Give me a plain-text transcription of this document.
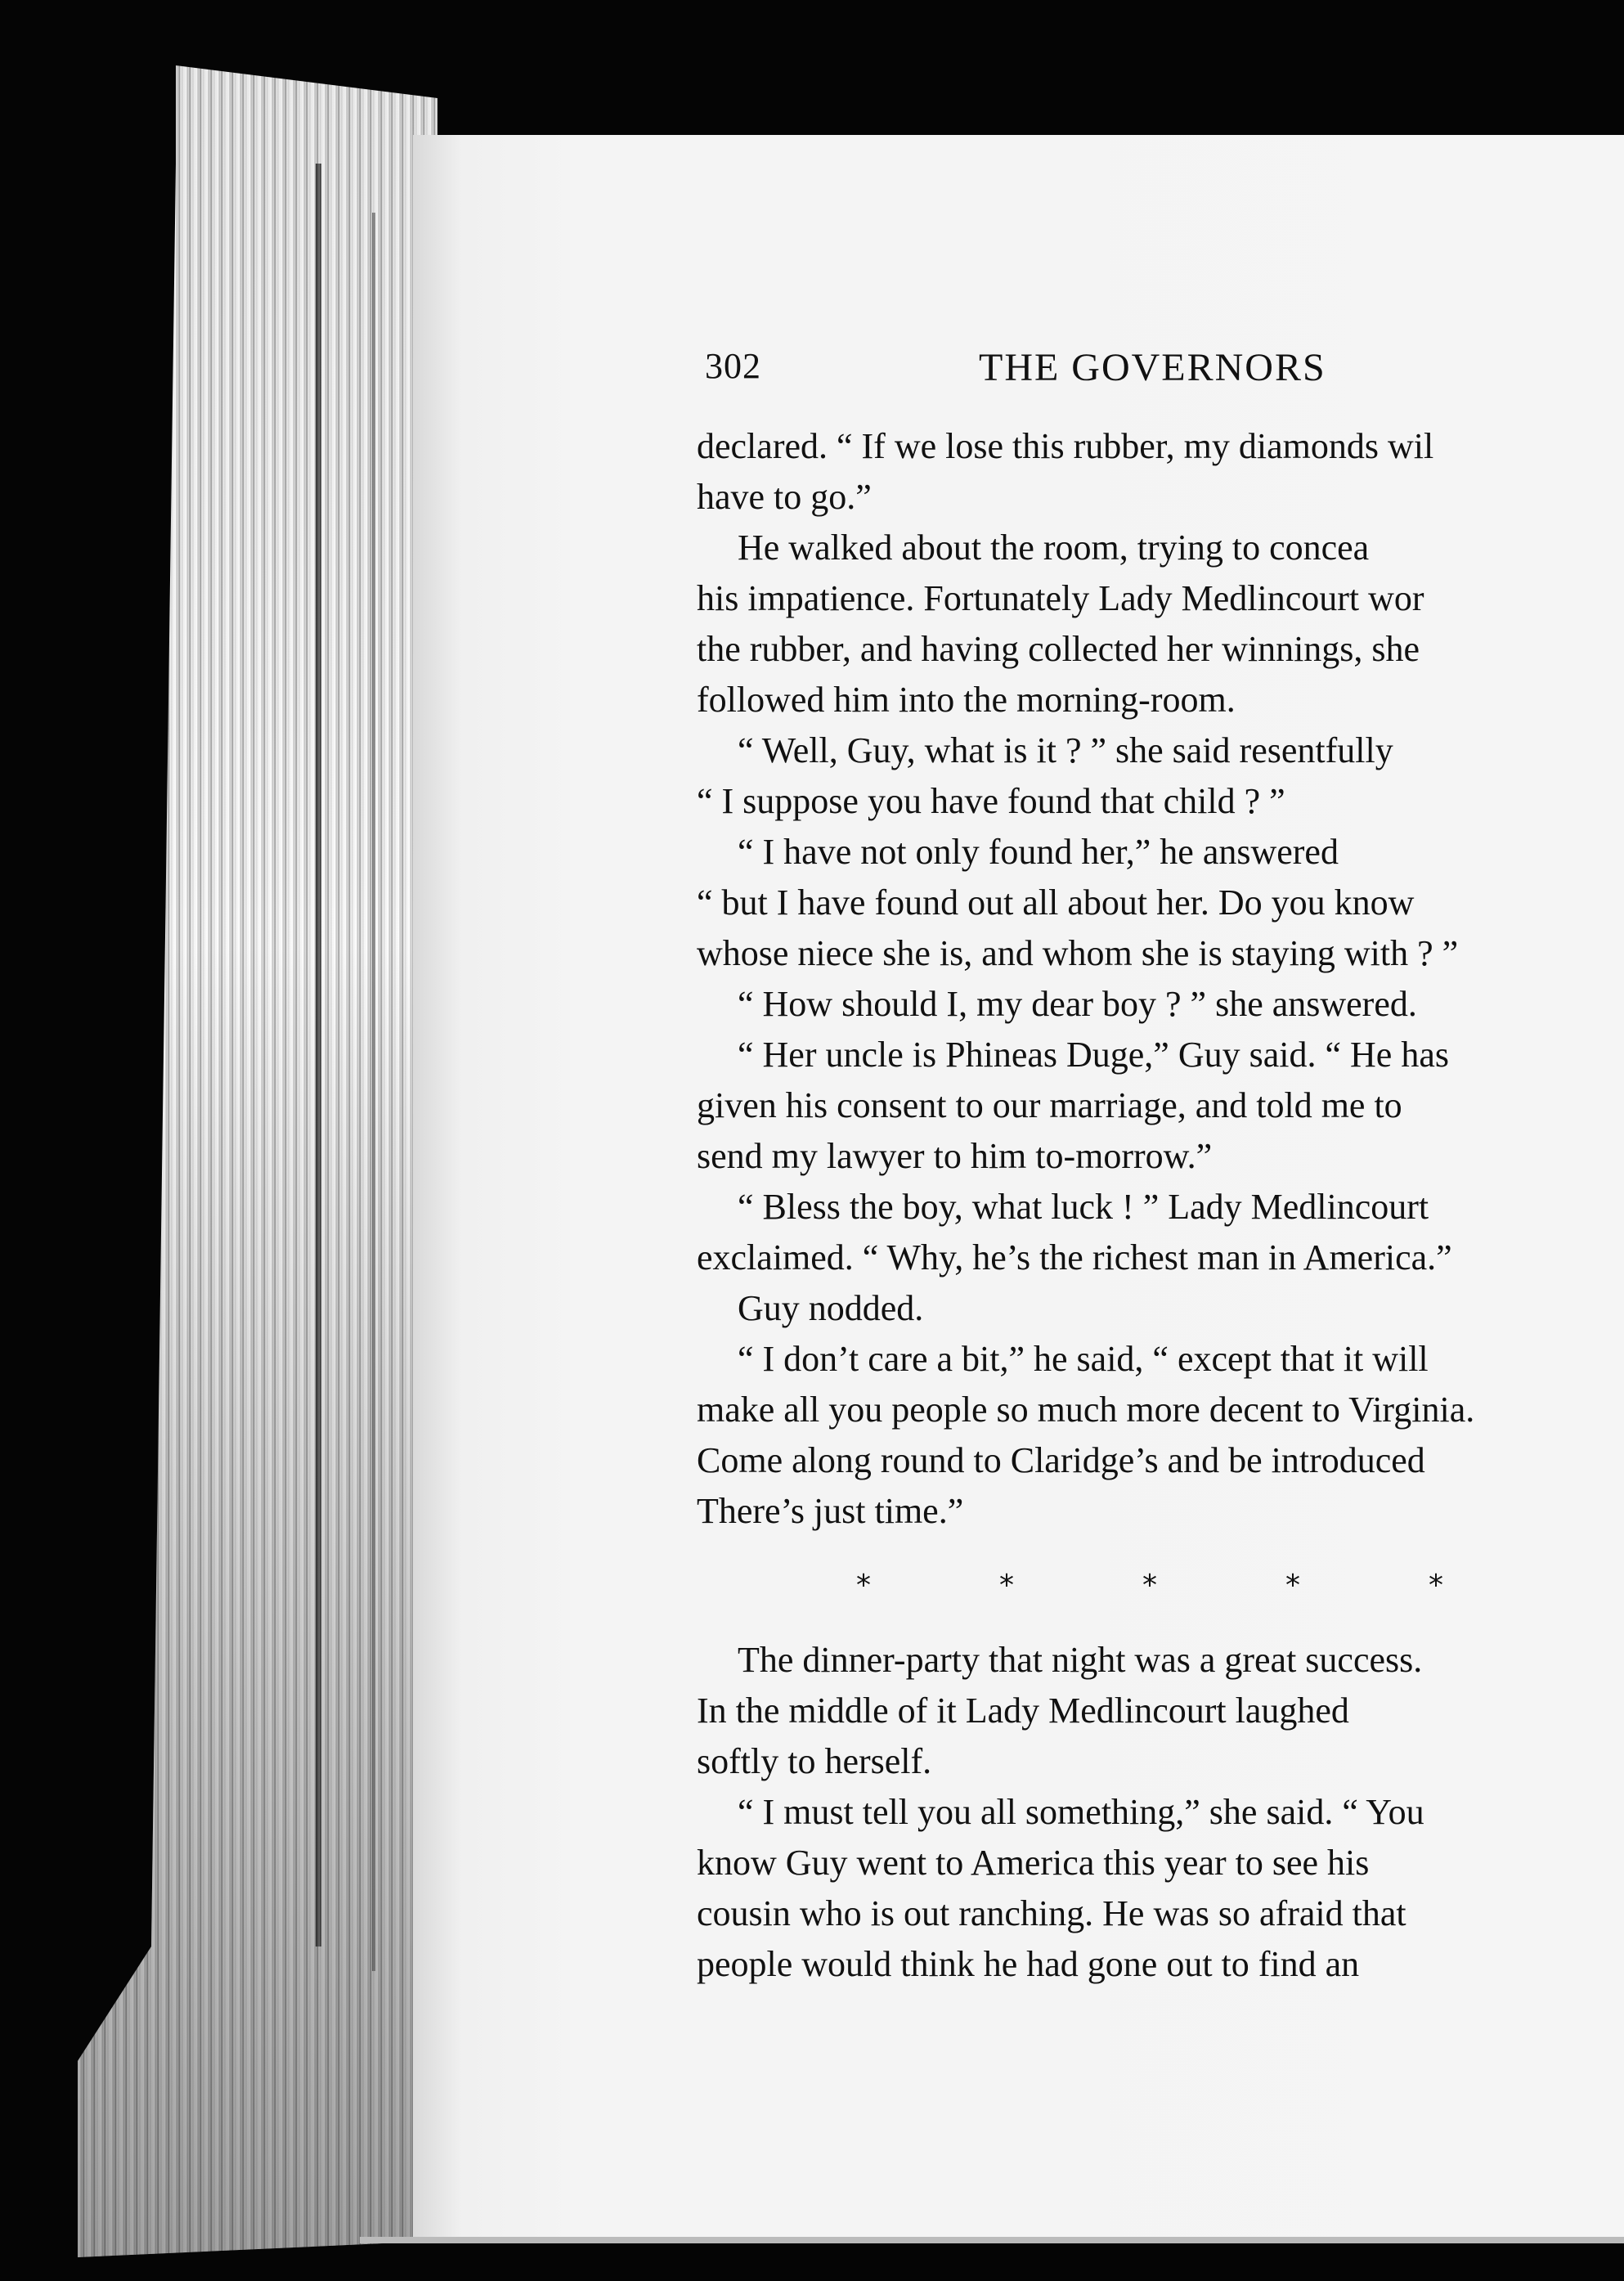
302	THE GOVERNORS
declared. “ If we lose this rubber, my diamonds wil
have to go.”
He walked about the room, trying to concea
his impatience. Fortunately Lady Medlincourt wor
the rubber, and having collected her winnings, she
followed him into the morning-room.
“ Well, Guy, what is it ? ” she said resentfully
“ I suppose you have found that child ? ”
“ I have not only found her,” he answered
“ but I have found out all about her. Do you know
whose niece she is, and whom she is staying with ? ”
“ How should I, my dear boy ? ” she answered.
“ Her uncle is Phineas Duge,” Guy said. “ He has
given his consent to our marriage, and told me to
send my lawyer to him to-morrow.”
“ Bless the boy, what luck ! ” Lady Medlincourt
exclaimed. “ Why, he’s the richest man in America.”
Guy nodded.
“ I don’t care a bit,” he said, “ except that it will
make all you people so much more decent to Virginia.
Come along round to Claridge’s and be introduced
There’s just time.”
*	*	*	*	*
The dinner-party that night was a great success.
In the middle of it Lady Medlincourt laughed
softly to herself.
“ I must tell you all something,” she said. “ You
know Guy went to America this year to see his
cousin who is out ranching. He was so afraid that
people would think he had gone out to find an
